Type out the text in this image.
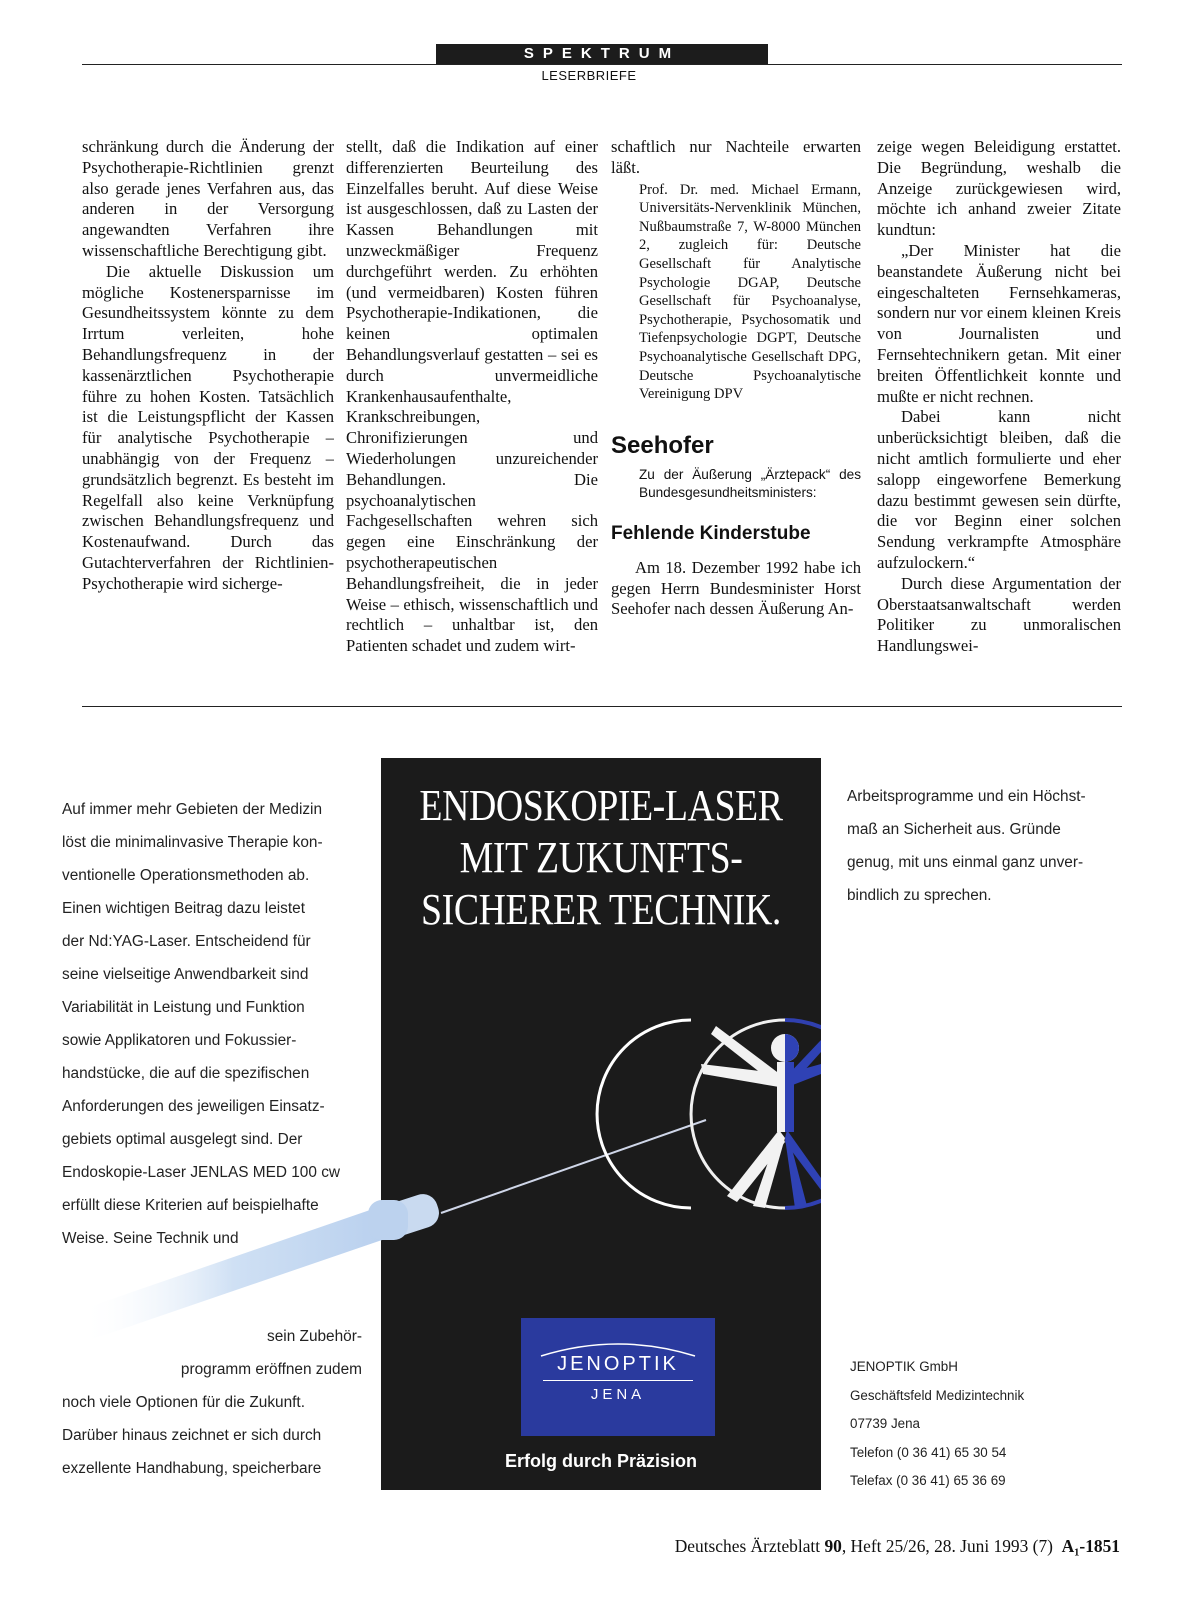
SPEKTRUM
LESERBRIEFE

schränkung durch die Änderung der Psychotherapie-Richtlinien grenzt also gerade jenes Verfahren aus, das anderen in der Versorgung angewandten Verfahren ihre wissenschaftliche Berechtigung gibt.

Die aktuelle Diskussion um mögliche Kostenersparnisse im Gesundheitssystem könnte zu dem Irrtum verleiten, hohe Behandlungsfrequenz in der kassenärztlichen Psychotherapie führe zu hohen Kosten. Tatsächlich ist die Leistungspflicht der Kassen für analytische Psychotherapie – unabhängig von der Frequenz – grundsätzlich begrenzt. Es besteht im Regelfall also keine Verknüpfung zwischen Behandlungsfrequenz und Kostenaufwand. Durch das Gutachterverfahren der Richtlinien-Psychotherapie wird sicherge-

stellt, daß die Indikation auf einer differenzierten Beurteilung des Einzelfalles beruht. Auf diese Weise ist ausgeschlossen, daß zu Lasten der Kassen Behandlungen mit unzweckmäßiger Frequenz durchgeführt werden. Zu erhöhten (und vermeidbaren) Kosten führen Psychotherapie-Indikationen, die keinen optimalen Behandlungsverlauf gestatten – sei es durch unvermeidliche Krankenhausaufenthalte, Krankschreibungen, Chronifizierungen und Wiederholungen unzureichender Behandlungen. Die psychoanalytischen Fachgesellschaften wehren sich gegen eine Einschränkung der psychotherapeutischen Behandlungsfreiheit, die in jeder Weise – ethisch, wissenschaftlich und rechtlich – unhaltbar ist, den Patienten schadet und zudem wirt-

schaftlich nur Nachteile erwarten läßt.

Prof. Dr. med. Michael Ermann, Universitäts-Nervenklinik München, Nußbaumstraße 7, W-8000 München 2, zugleich für: Deutsche Gesellschaft für Analytische Psychologie DGAP, Deutsche Gesellschaft für Psychoanalyse, Psychotherapie, Psychosomatik und Tiefenpsychologie DGPT, Deutsche Psychoanalytische Gesellschaft DPG, Deutsche Psychoanalytische Vereinigung DPV

Seehofer

Zu der Äußerung „Ärztepack“ des Bundesgesundheitsministers:

Fehlende Kinderstube

Am 18. Dezember 1992 habe ich gegen Herrn Bundesminister Horst Seehofer nach dessen Äußerung An-

zeige wegen Beleidigung erstattet. Die Begründung, weshalb die Anzeige zurückgewiesen wird, möchte ich anhand zweier Zitate kundtun:

„Der Minister hat die beanstandete Äußerung nicht bei eingeschalteten Fernsehkameras, sondern nur vor einem kleinen Kreis von Journalisten und Fernsehtechnikern getan. Mit einer breiten Öffentlichkeit konnte und mußte er nicht rechnen.

Dabei kann nicht unberücksichtigt bleiben, daß die nicht amtlich formulierte und eher salopp eingeworfene Bemerkung dazu bestimmt gewesen sein dürfte, die vor Beginn einer solchen Sendung verkrampfte Atmosphäre aufzulockern.“

Durch diese Argumentation der Oberstaatsanwaltschaft werden Politiker zu unmoralischen Handlungswei-

Auf immer mehr Gebieten der Medizin
löst die minimalinvasive Therapie kon-
ventionelle Operationsmethoden ab.
Einen wichtigen Beitrag dazu leistet
der Nd:YAG-Laser. Entscheidend für
seine vielseitige Anwendbarkeit sind
Variabilität in Leistung und Funktion
sowie Applikatoren und Fokussier-
handstücke, die auf die spezifischen
Anforderungen des jeweiligen Einsatz-
gebiets optimal ausgelegt sind. Der
Endoskopie-Laser JENLAS MED 100 cw
erfüllt diese Kriterien auf beispielhafte
Weise. Seine Technik und
sein Zubehör-
programm eröffnen zudem
noch viele Optionen für die Zukunft.
Darüber hinaus zeichnet er sich durch
exzellente Handhabung, speicherbare
ENDOSKOPIE-LASER
MIT ZUKUNFTS-
SICHERER TECHNIK.
JENOPTIK
JENA
Erfolg durch Präzision
Arbeitsprogramme und ein Höchst-
maß an Sicherheit aus. Gründe
genug, mit uns einmal ganz unver-
bindlich zu sprechen.
JENOPTIK GmbH
Geschäftsfeld Medizintechnik
07739 Jena
Telefon (0 36 41) 65 30 54
Telefax (0 36 41) 65 36 69
Deutsches Ärzteblatt 90, Heft 25/26, 28. Juni 1993 (7) A₁-1851
